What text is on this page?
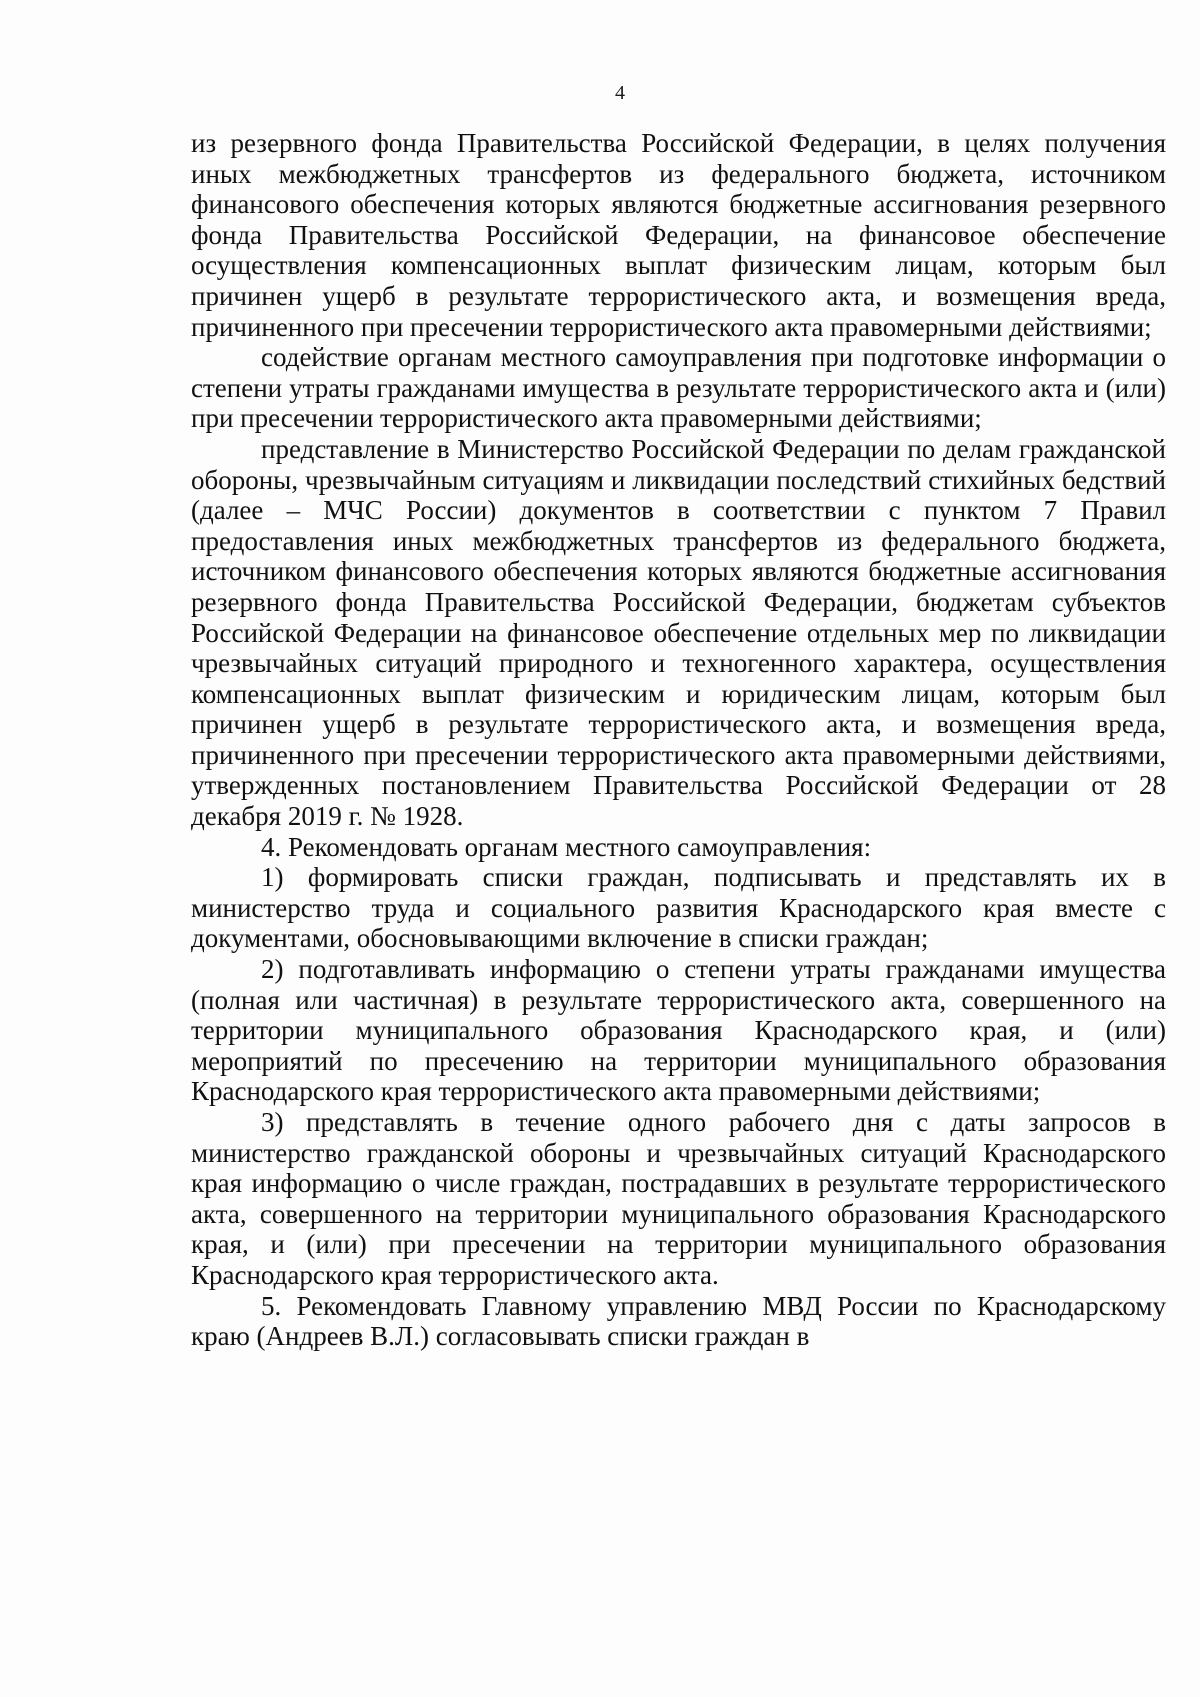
4

из резервного фонда Правительства Российской Федерации, в целях получения иных межбюджетных трансфертов из федерального бюджета, источником финансового обеспечения которых являются бюджетные ассигнования резервного фонда Правительства Российской Федерации, на финансовое обеспечение осуществления компенсационных выплат физическим лицам, которым был причинен ущерб в результате террористического акта, и возмещения вреда, причиненного при пресечении террористического акта правомерными действиями;

содействие органам местного самоуправления при подготовке информации о степени утраты гражданами имущества в результате террористического акта и (или) при пресечении террористического акта правомерными действиями;

представление в Министерство Российской Федерации по делам гражданской обороны, чрезвычайным ситуациям и ликвидации последствий стихийных бедствий (далее – МЧС России) документов в соответствии с пунктом 7 Правил предоставления иных межбюджетных трансфертов из федерального бюджета, источником финансового обеспечения которых являются бюджетные ассигнования резервного фонда Правительства Российской Федерации, бюджетам субъектов Российской Федерации на финансовое обеспечение отдельных мер по ликвидации чрезвычайных ситуаций природного и техногенного характера, осуществления компенсационных выплат физическим и юридическим лицам, которым был причинен ущерб в результате террористического акта, и возмещения вреда, причиненного при пресечении террористического акта правомерными действиями, утвержденных постановлением Правительства Российской Федерации от 28 декабря 2019 г. № 1928.

4. Рекомендовать органам местного самоуправления:

1) формировать списки граждан, подписывать и представлять их в министерство труда и социального развития Краснодарского края вместе с документами, обосновывающими включение в списки граждан;

2) подготавливать информацию о степени утраты гражданами имущества (полная или частичная) в результате террористического акта, совершенного на территории муниципального образования Краснодарского края, и (или) мероприятий по пресечению на территории муниципального образования Краснодарского края террористического акта правомерными действиями;

3) представлять в течение одного рабочего дня с даты запросов в министерство гражданской обороны и чрезвычайных ситуаций Краснодарского края информацию о числе граждан, пострадавших в результате террористического акта, совершенного на территории муниципального образования Краснодарского края, и (или) при пресечении на территории муниципального образования Краснодарского края террористического акта.

5. Рекомендовать Главному управлению МВД России по Краснодарскому краю (Андреев В.Л.) согласовывать списки граждан в
